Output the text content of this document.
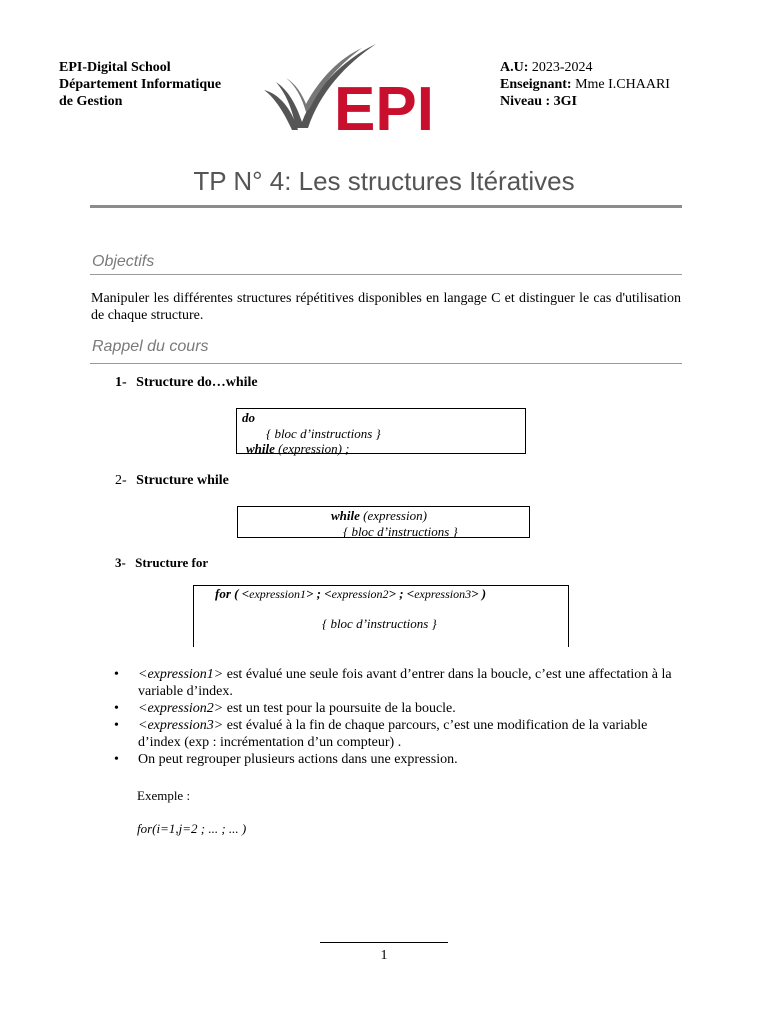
EPI-Digital School
Département Informatique
de Gestion	EPI
A.U: 2023-2024
Enseignant: Mme I.CHAARI
Niveau : 3GI
TP N° 4: Les structures Itératives
Objectifs
Manipuler les différentes structures répétitives disponibles en langage C et distinguer le cas d'utilisation de chaque structure.
Rappel du cours
1- Structure do…while
do
{ bloc d’instructions }
while (expression) ;
2- Structure while
while (expression)
{ bloc d’instructions }
3- Structure for
for ( <expression1> ; <expression2> ; <expression3> )
{ bloc d’instructions }
• <expression1> est évalué une seule fois avant d’entrer dans la boucle, c’est une affectation à la variable d’index.
• <expression2> est un test pour la poursuite de la boucle.
• <expression3> est évalué à la fin de chaque parcours, c’est une modification de la variable d’index (exp : incrémentation d’un compteur) .
• On peut regrouper plusieurs actions dans une expression.
Exemple :
for(i=1,j=2 ; ... ; ... )
1
